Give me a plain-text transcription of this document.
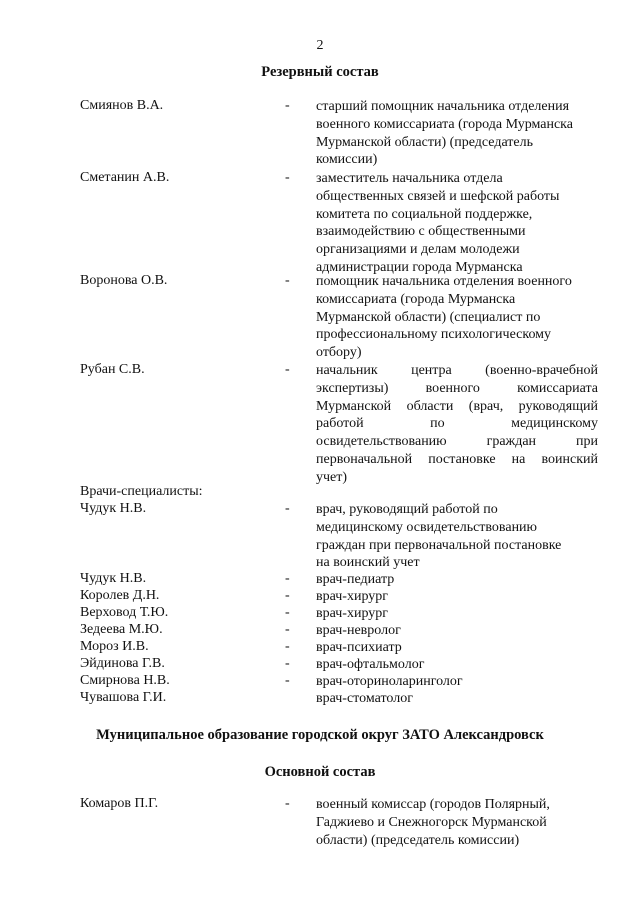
2
Резервный состав
Смиянов В.А.	- старший помощник начальника отделения
военного комиссариата (города Мурманска
Мурманской области) (председатель
комиссии)
Сметанин А.В.	- заместитель начальника отдела
общественных связей и шефской работы
комитета по социальной поддержке,
взаимодействию с общественными
организациями и делам молодежи
администрации города Мурманска
Воронова О.В.	- помощник начальника отделения военного
комиссариата (города Мурманска
Мурманской области) (специалист по
профессиональному психологическому
отбору)
Рубан С.В.	- начальник центра (военно-врачебной
экспертизы) военного комиссариата
Мурманской области (врач, руководящий
работой по медицинскому
освидетельствованию граждан при
первоначальной постановке на воинский
учет)
Врачи-специалисты:
Чудук Н.В.	- врач, руководящий работой по
медицинскому освидетельствованию
граждан при первоначальной постановке
на воинский учет
Чудук Н.В.	- врач-педиатр
Королев Д.Н.	- врач-хирург
Верховод Т.Ю.	- врач-хирург
Зедеева М.Ю.	- врач-невролог
Мороз И.В.	- врач-психиатр
Эйдинова Г.В.	- врач-офтальмолог
Смирнова Н.В.	- врач-оториноларинголог
Чувашова Г.И.	врач-стоматолог
Муниципальное образование городской округ ЗАТО Александровск
Основной состав
Комаров П.Г.	- военный комиссар (городов Полярный,
Гаджиево и Снежногорск Мурманской
области) (председатель комиссии)
